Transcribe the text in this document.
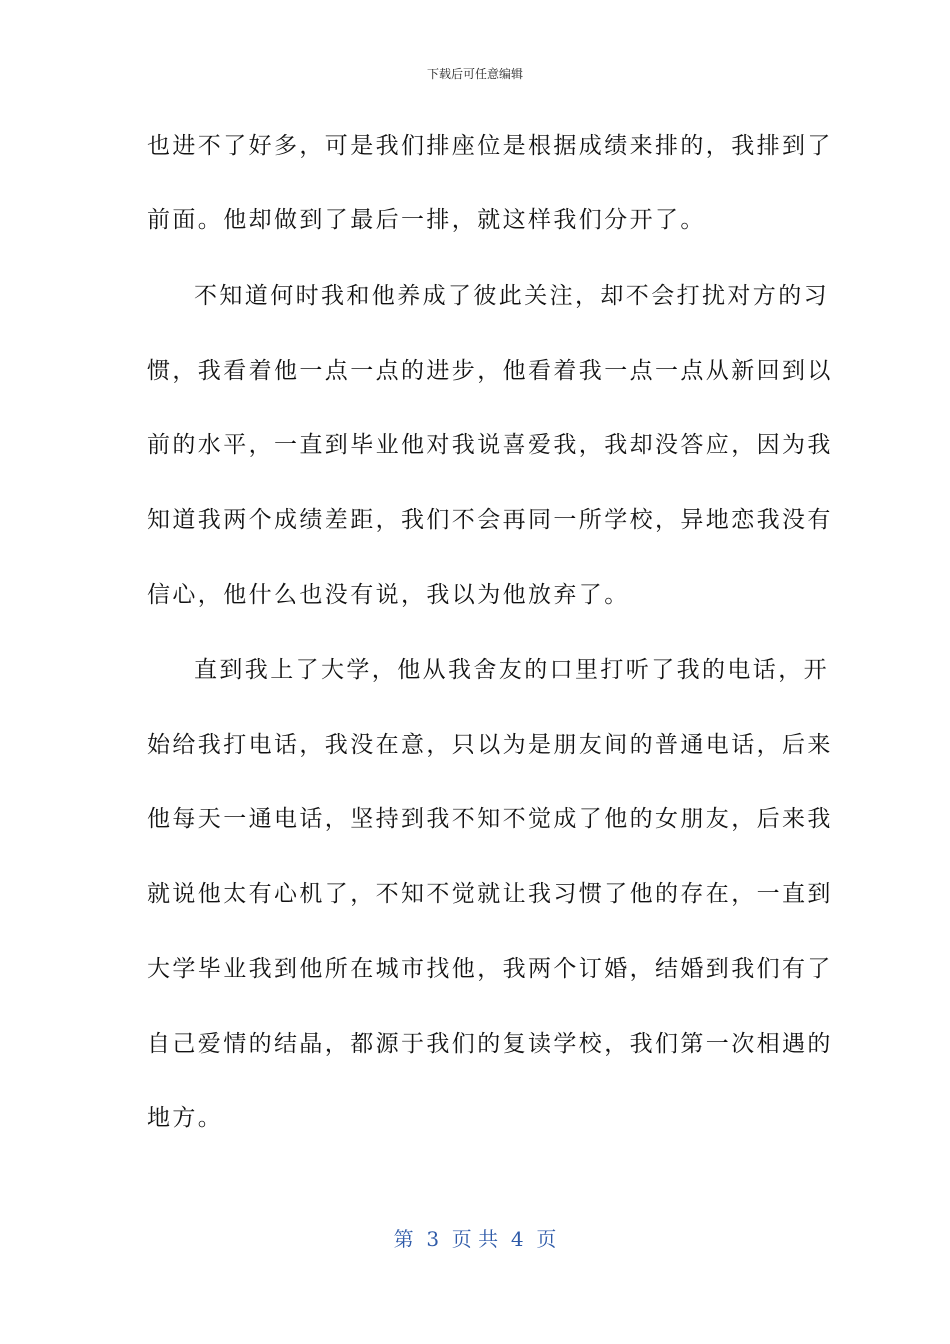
下载后可任意编辑
也进不了好多，可是我们排座位是根据成绩来排的，我排到了
前面。他却做到了最后一排，就这样我们分开了。
不知道何时我和他养成了彼此关注，却不会打扰对方的习
惯，我看着他一点一点的进步，他看着我一点一点从新回到以
前的水平，一直到毕业他对我说喜爱我，我却没答应，因为我
知道我两个成绩差距，我们不会再同一所学校，异地恋我没有
信心，他什么也没有说，我以为他放弃了。
直到我上了大学，他从我舍友的口里打听了我的电话，开
始给我打电话，我没在意，只以为是朋友间的普通电话，后来
他每天一通电话，坚持到我不知不觉成了他的女朋友，后来我
就说他太有心机了，不知不觉就让我习惯了他的存在，一直到
大学毕业我到他所在城市找他，我两个订婚，结婚到我们有了
自己爱情的结晶，都源于我们的复读学校，我们第一次相遇的
地方。
第  3  页 共  4  页
